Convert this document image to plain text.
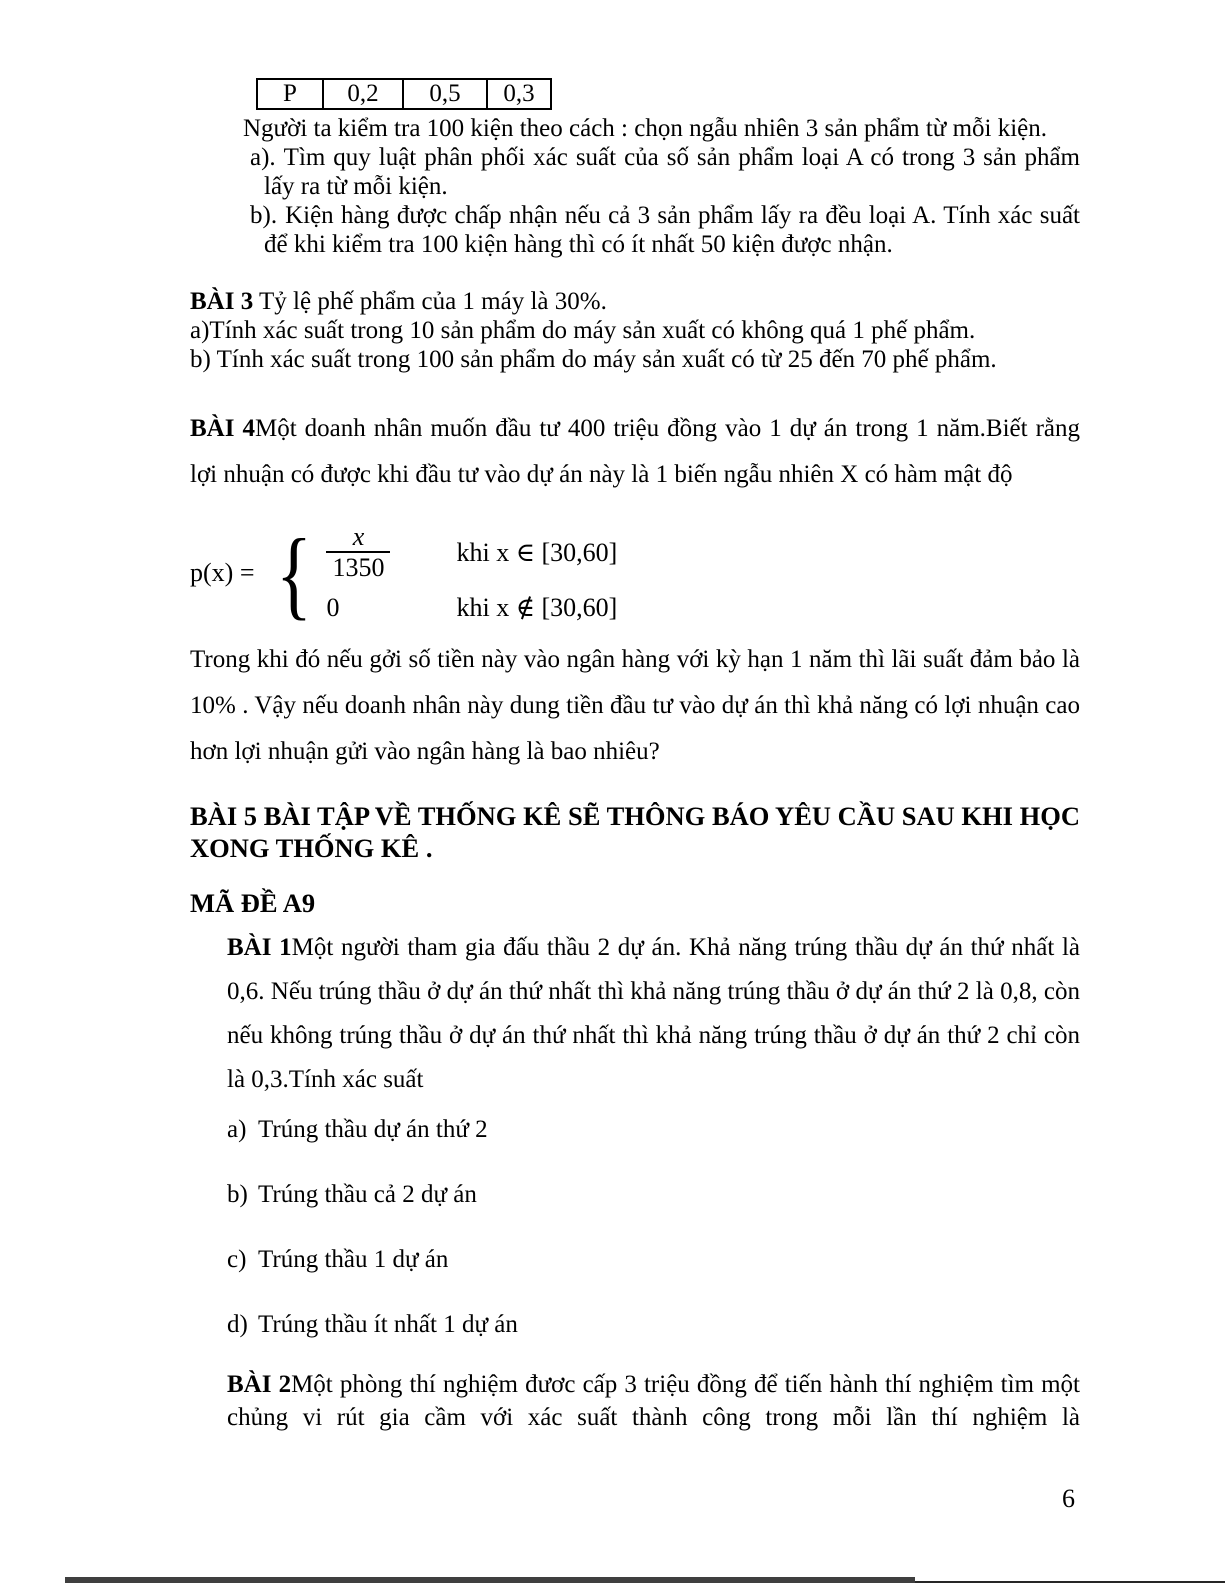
P	0,2	0,5	0,3

Người ta kiểm tra 100 kiện theo cách : chọn ngẫu nhiên 3 sản phẩm từ mỗi kiện.

a). Tìm quy luật phân phối xác suất của số sản phẩm loại A có trong 3 sản phẩm lấy ra từ mỗi kiện.
b). Kiện hàng được chấp nhận nếu cả 3 sản phẩm lấy ra đều loại A. Tính xác suất để khi kiểm tra 100 kiện hàng thì có ít nhất 50 kiện được nhận.
BÀI 3 Tỷ lệ phế phẩm của 1 máy là 30%.
a)Tính xác suất trong 10 sản phẩm do máy sản xuất có không quá 1 phế phẩm.
b) Tính xác suất trong 100 sản phẩm do máy sản xuất có từ 25 đến 70 phế phẩm.

BÀI 4Một doanh nhân muốn đầu tư 400 triệu đồng vào 1 dự án trong 1 năm.Biết rằng lợi nhuận có được khi đầu tư vào dự án này là 1 biến ngẫu nhiên X có hàm mật độ

p(x) = { $\frac{x}{1350}$	khi x ∈ [30,60]
0	khi x ∉ [30,60]

Trong khi đó nếu gởi số tiền này vào ngân hàng với kỳ hạn 1 năm thì lãi suất đảm bảo là 10% . Vậy nếu doanh nhân này dung tiền đầu tư vào dự án thì khả năng có lợi nhuận cao hơn lợi nhuận gửi vào ngân hàng là bao nhiêu?

BÀI 5 BÀI TẬP VỀ THỐNG KÊ SẼ THÔNG BÁO YÊU CẦU SAU KHI HỌC XONG THỐNG KÊ .
MÃ ĐỀ A9

BÀI 1Một người tham gia đấu thầu 2 dự án. Khả năng trúng thầu dự án thứ nhất là 0,6. Nếu trúng thầu ở dự án thứ nhất thì khả năng trúng thầu ở dự án thứ 2 là 0,8, còn nếu không trúng thầu ở dự án thứ nhất thì khả năng trúng thầu ở dự án thứ 2 chỉ còn là 0,3.Tính xác suất

a) Trúng thầu dự án thứ 2
b) Trúng thầu cả 2 dự án
c) Trúng thầu 1 dự án
d) Trúng thầu ít nhất 1 dự án

BÀI 2Một phòng thí nghiệm đươc cấp 3 triệu đồng để tiến hành thí nghiệm tìm một chủng vi rút gia cầm với xác suất thành công trong mỗi lần thí nghiệm là

6
